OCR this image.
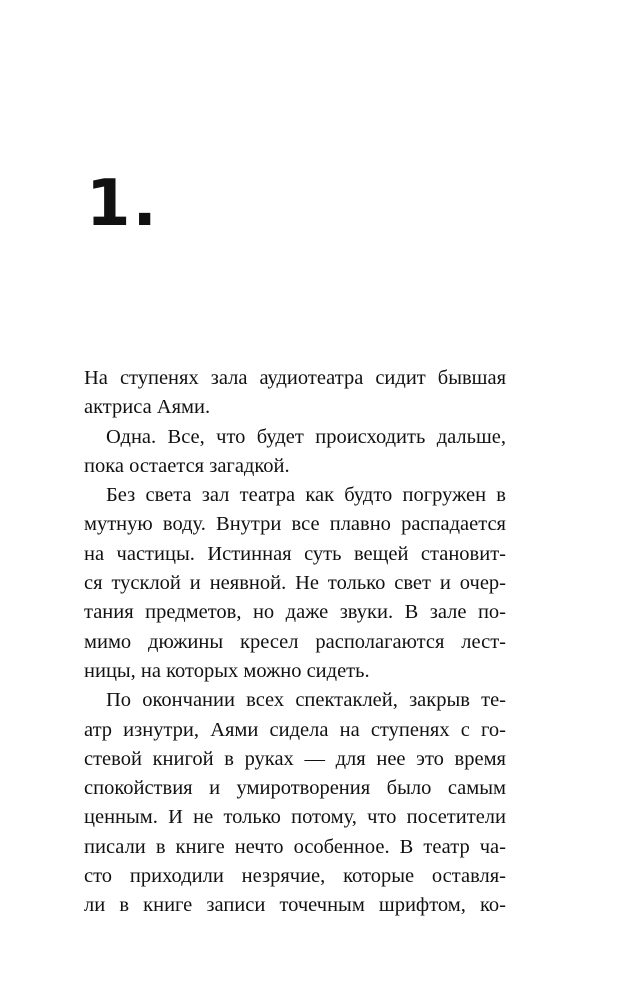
1.
На ступенях зала аудиотеатра сидит бывшая
актриса Аями.
Одна. Все, что будет происходить дальше,
пока остается загадкой.
Без света зал театра как будто погружен в
мутную воду. Внутри все плавно распадается
на частицы. Истинная суть вещей становит-
ся тусклой и неявной. Не только свет и очер-
тания предметов, но даже звуки. В зале по-
мимо дюжины кресел располагаются лест-
ницы, на которых можно сидеть.
По окончании всех спектаклей, закрыв те-
атр изнутри, Аями сидела на ступенях с го-
стевой книгой в руках — для нее это время
спокойствия и умиротворения было самым
ценным. И не только потому, что посетители
писали в книге нечто особенное. В театр ча-
сто приходили незрячие, которые оставля-
ли в книге записи точечным шрифтом, ко-
